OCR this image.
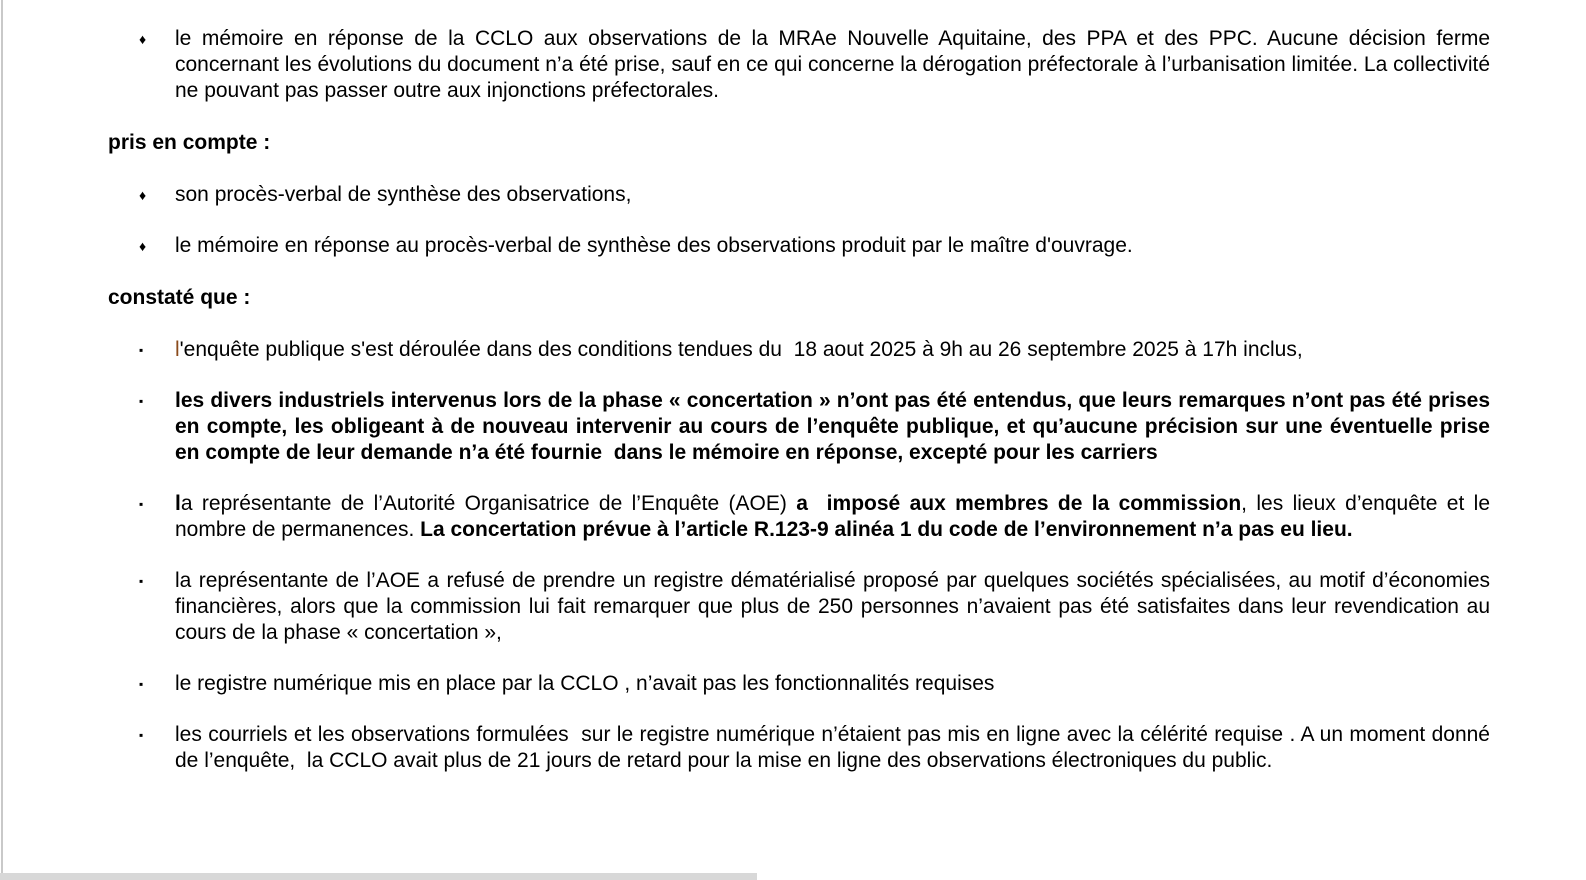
♦ le mémoire en réponse de la CCLO aux observations de la MRAe Nouvelle Aquitaine, des PPA et des PPC. Aucune décision ferme concernant les évolutions du document n’a été prise, sauf en ce qui concerne la dérogation préfectorale à l’urbanisation limitée. La collectivité ne pouvant pas passer outre aux injonctions préfectorales.
pris en compte :
♦ son procès-verbal de synthèse des observations,
♦ le mémoire en réponse au procès-verbal de synthèse des observations produit par le maître d'ouvrage.
constaté que :
▪ l'enquête publique s'est déroulée dans des conditions tendues du  18 aout 2025 à 9h au 26 septembre 2025 à 17h inclus,
▪ les divers industriels intervenus lors de la phase « concertation » n’ont pas été entendus, que leurs remarques n’ont pas été prises en compte, les obligeant à de nouveau intervenir au cours de l’enquête publique, et qu’aucune précision sur une éventuelle prise en compte de leur demande n’a été fournie  dans le mémoire en réponse, excepté pour les carriers
▪ la représentante de l’Autorité Organisatrice de l’Enquête (AOE) a  imposé aux membres de la commission, les lieux d’enquête et le nombre de permanences. La concertation prévue à l’article R.123-9 alinéa 1 du code de l’environnement n’a pas eu lieu.
▪ la représentante de l’AOE a refusé de prendre un registre dématérialisé proposé par quelques sociétés spécialisées, au motif d’économies financières, alors que la commission lui fait remarquer que plus de 250 personnes n’avaient pas été satisfaites dans leur revendication au cours de la phase « concertation »,
▪ le registre numérique mis en place par la CCLO , n’avait pas les fonctionnalités requises
▪ les courriels et les observations formulées  sur le registre numérique n’étaient pas mis en ligne avec la célérité requise . A un moment donné de l’enquête,  la CCLO avait plus de 21 jours de retard pour la mise en ligne des observations électroniques du public.
